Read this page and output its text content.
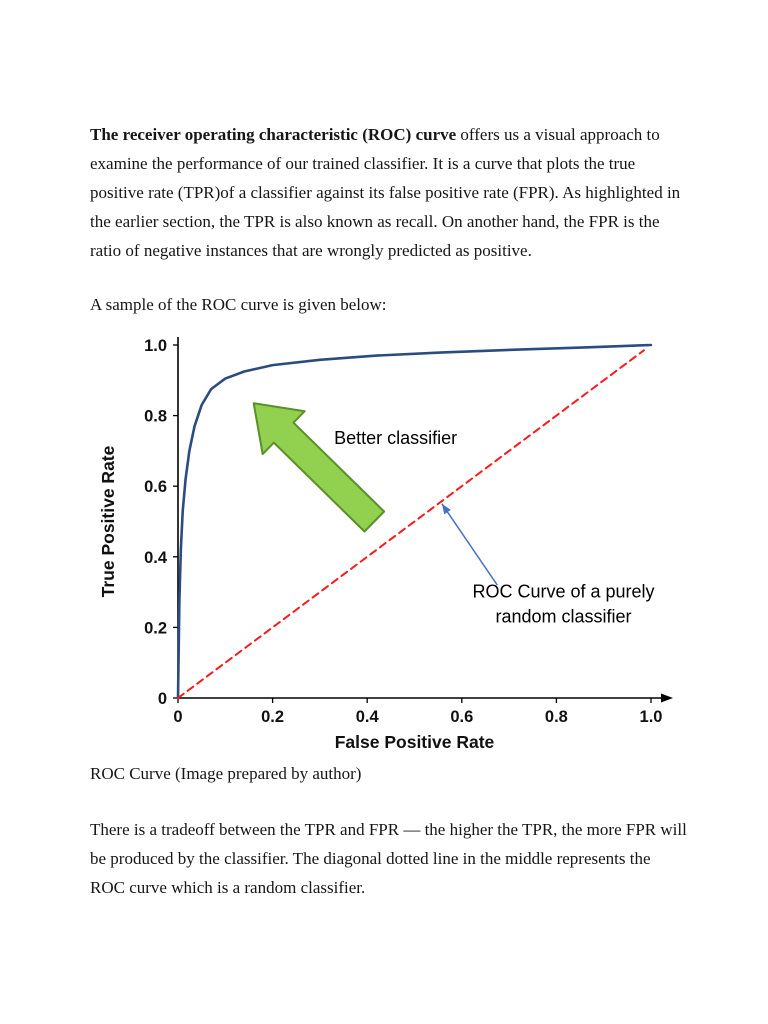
The receiver operating characteristic (ROC) curve offers us a visual approach to examine the performance of our trained classifier. It is a curve that plots the true positive rate (TPR)of a classifier against its false positive rate (FPR). As highlighted in the earlier section, the TPR is also known as recall. On another hand, the FPR is the ratio of negative instances that are wrongly predicted as positive.

A sample of the ROC curve is given below:

0	0.2	0.4	0.6	0.8	1.0
0
0.2
0.4
0.6
0.8
1.0
False Positive Rate
True Positive Rate
Better classifier
ROC Curve of a purely
random classifier

ROC Curve (Image prepared by author)

There is a tradeoff between the TPR and FPR — the higher the TPR, the more FPR will be produced by the classifier. The diagonal dotted line in the middle represents the ROC curve which is a random classifier.
